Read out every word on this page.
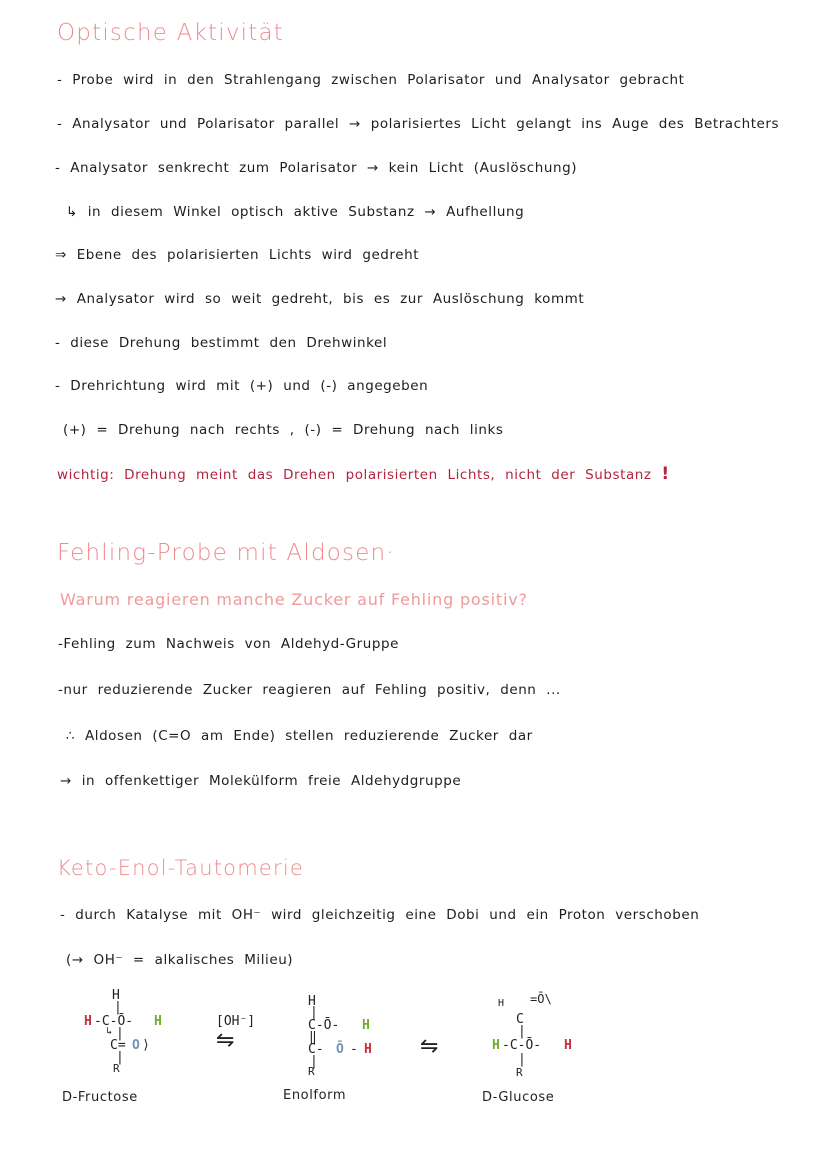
Optische Aktivität
- Probe wird in den Strahlengang zwischen Polarisator und Analysator gebracht
- Analysator und Polarisator parallel → polarisiertes Licht gelangt ins Auge des Betrachters
- Analysator senkrecht zum Polarisator → kein Licht (Auslöschung)
↳ in diesem Winkel optisch aktive Substanz → Aufhellung
⇒ Ebene des polarisierten Lichts wird gedreht
→ Analysator wird so weit gedreht, bis es zur Auslöschung kommt
- diese Drehung bestimmt den Drehwinkel
- Drehrichtung wird mit (+) und (-) angegeben
(+) = Drehung nach rechts , (-) = Drehung nach links
wichtig: Drehung meint das Drehen polarisierten Lichts, nicht der Substanz !
Fehling-Probe mit Aldosen·
Warum reagieren manche Zucker auf Fehling positiv?
-Fehling zum Nachweis von Aldehyd-Gruppe
-nur reduzierende Zucker reagieren auf Fehling positiv, denn ...
∴ Aldosen (C=O am Ende) stellen reduzierende Zucker dar
→ in offenkettiger Molekülform freie Aldehydgruppe
Keto-Enol-Tautomerie
- durch Katalyse mit OH⁻ wird gleichzeitig eine Dobi und ein Proton verschoben
(→ OH⁻ = alkalisches Milieu)
H
|
H -C-Ō- H
↳ |
C= O ⟩
|
R
D-Fructose
[OH⁻]
⇋
H
|
C-Ō- H
‖
C- Ō - H
|
R
Enolform
⇋
H =Ō\
C
|
H -C-Ō- H
|
R
D-Glucose
